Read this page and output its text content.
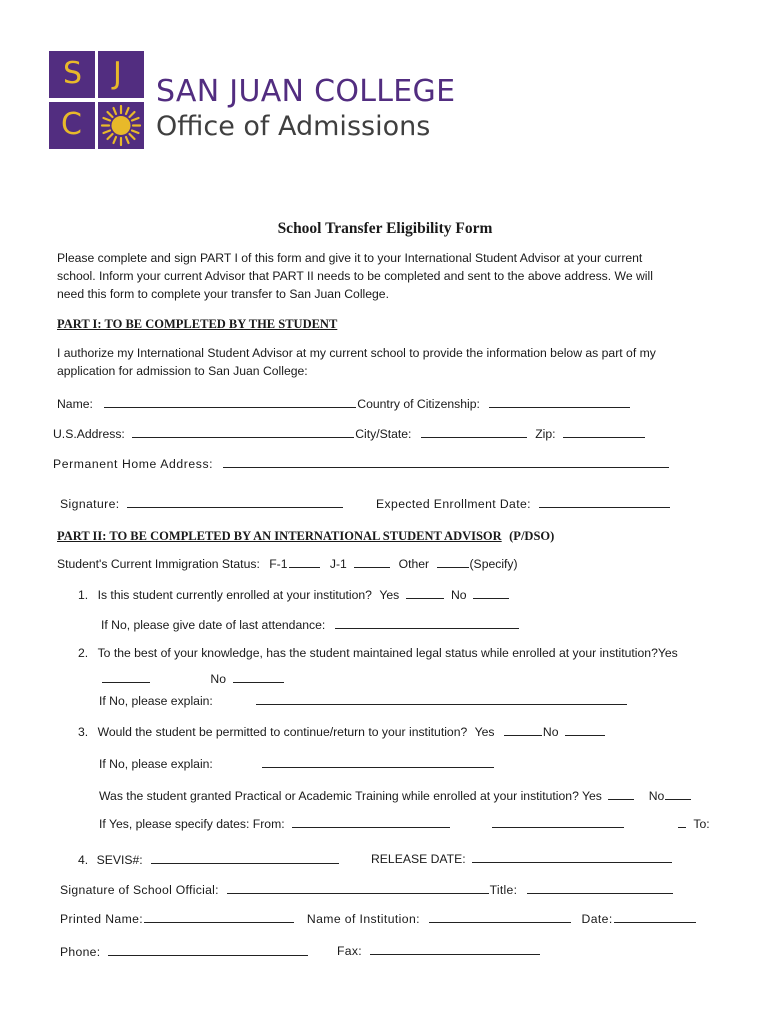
S J
C
SAN JUAN COLLEGE
Office of Admissions
School Transfer Eligibility Form
Please complete and sign PART I of this form and give it to your International Student Advisor at your current
school. Inform your current Advisor that PART II needs to be completed and sent to the above address. We will
need this form to complete your transfer to San Juan College.
PART I: TO BE COMPLETED BY THE STUDENT
I authorize my International Student Advisor at my current school to provide the information below as part of my
application for admission to San Juan College:
Name:	Country of Citizenship:
U.S.Address:	City/State:	Zip:
Permanent Home Address:
Signature:	Expected Enrollment Date:
PART II: TO BE COMPLETED BY AN INTERNATIONAL STUDENT ADVISOR (P/DSO)
Student's Current Immigration Status: F-1	J-1	Other	(Specify)
1. Is this student currently enrolled at your institution? Yes	No
If No, please give date of last attendance:
2. To the best of your knowledge, has the student maintained legal status while enrolled at your institution?Yes
No
If No, please explain:
3. Would the student be permitted to continue/return to your institution? Yes	No
If No, please explain:
Was the student granted Practical or Academic Training while enrolled at your institution? Yes	No
If Yes, please specify dates: From:	To:
4. SEVIS#:	RELEASE DATE:
Signature of School Official:	Title:
Printed Name:	Name of Institution:	Date:
Phone:	Fax:
